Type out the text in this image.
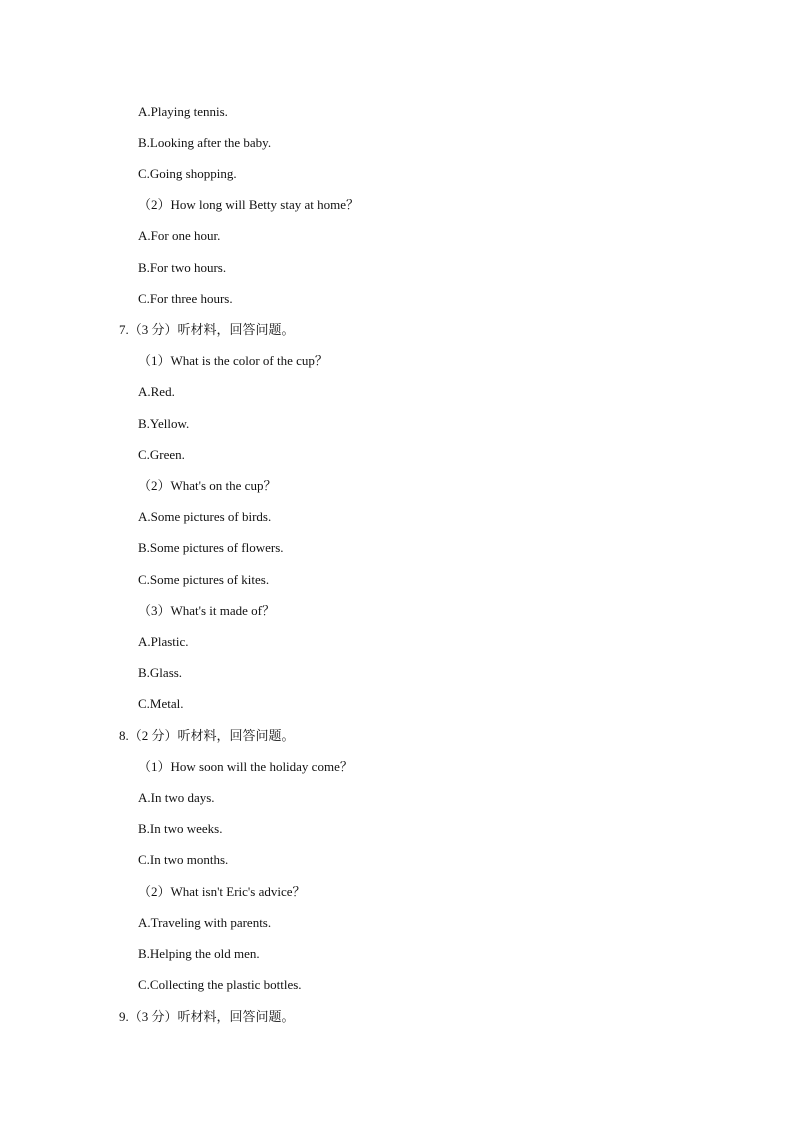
A.Playing tennis.
B.Looking after the baby.
C.Going shopping.
（2）How long will Betty stay at home？
A.For one hour.
B.For two hours.
C.For three hours.
7.（3 分）听材料，回答问题。
（1）What is the color of the cup？
A.Red.
B.Yellow.
C.Green.
（2）What's on the cup？
A.Some pictures of birds.
B.Some pictures of flowers.
C.Some pictures of kites.
（3）What's it made of？
A.Plastic.
B.Glass.
C.Metal.
8.（2 分）听材料，回答问题。
（1）How soon will the holiday come？
A.In two days.
B.In two weeks.
C.In two months.
（2）What isn't Eric's advice？
A.Traveling with parents.
B.Helping the old men.
C.Collecting the plastic bottles.
9.（3 分）听材料，回答问题。
